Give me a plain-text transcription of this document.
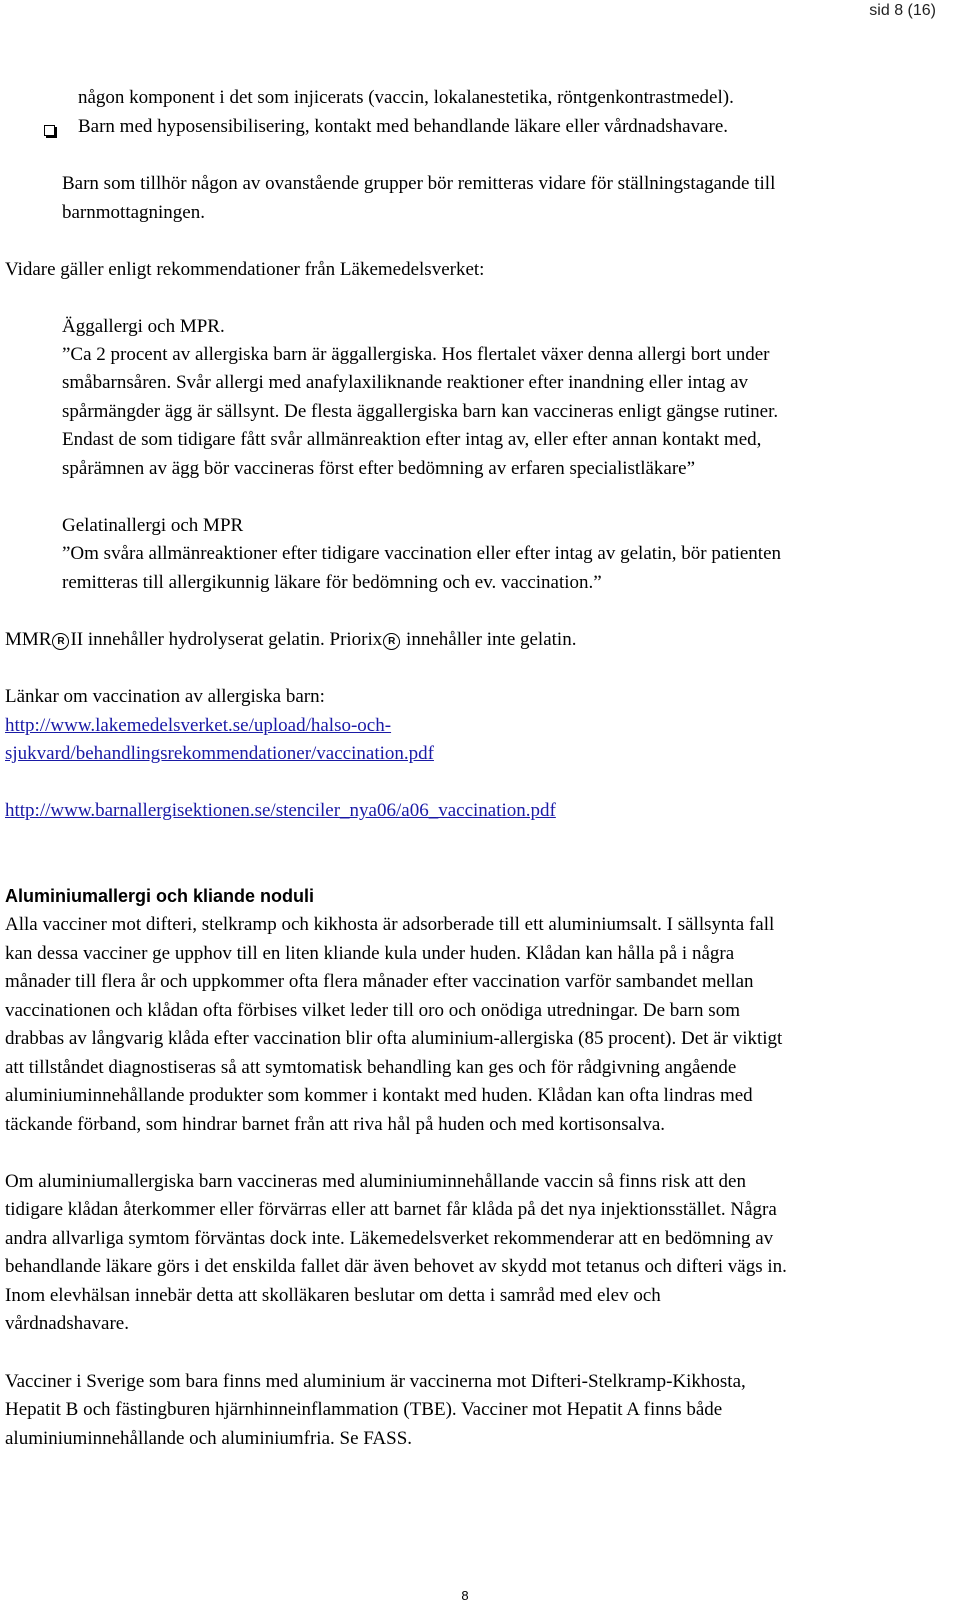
sid 8 (16)
någon komponent i det som injicerats (vaccin, lokalanestetika, röntgenkontrastmedel).
Barn med hyposensibilisering, kontakt med behandlande läkare eller vårdnadshavare.
Barn som tillhör någon av ovanstående grupper bör remitteras vidare för ställningstagande till
barnmottagningen.
Vidare gäller enligt rekommendationer från Läkemedelsverket:
Äggallergi och MPR.
”Ca 2 procent av allergiska barn är äggallergiska. Hos flertalet växer denna allergi bort under
småbarnsåren. Svår allergi med anafylaxiliknande reaktioner efter inandning eller intag av
spårmängder ägg är sällsynt. De flesta äggallergiska barn kan vaccineras enligt gängse rutiner.
Endast de som tidigare fått svår allmänreaktion efter intag av, eller efter annan kontakt med,
spårämnen av ägg bör vaccineras först efter bedömning av erfaren specialistläkare”
Gelatinallergi och MPR
”Om svåra allmänreaktioner efter tidigare vaccination eller efter intag av gelatin, bör patienten
remitteras till allergikunnig läkare för bedömning och ev. vaccination.”
MMR R II innehåller hydrolyserat gelatin. Priorix R innehåller inte gelatin.
Länkar om vaccination av allergiska barn:
http://www.lakemedelsverket.se/upload/halso-och-
sjukvard/behandlingsrekommendationer/vaccination.pdf
http://www.barnallergisektionen.se/stenciler_nya06/a06_vaccination.pdf
Aluminiumallergi och kliande noduli
Alla vacciner mot difteri, stelkramp och kikhosta är adsorberade till ett aluminiumsalt. I sällsynta fall
kan dessa vacciner ge upphov till en liten kliande kula under huden. Klådan kan hålla på i några
månader till flera år och uppkommer ofta flera månader efter vaccination varför sambandet mellan
vaccinationen och klådan ofta förbises vilket leder till oro och onödiga utredningar. De barn som
drabbas av långvarig klåda efter vaccination blir ofta aluminium-allergiska (85 procent). Det är viktigt
att tillståndet diagnostiseras så att symtomatisk behandling kan ges och för rådgivning angående
aluminiuminnehållande produkter som kommer i kontakt med huden. Klådan kan ofta lindras med
täckande förband, som hindrar barnet från att riva hål på huden och med kortisonsalva.
Om aluminiumallergiska barn vaccineras med aluminiuminnehållande vaccin så finns risk att den
tidigare klådan återkommer eller förvärras eller att barnet får klåda på det nya injektionsstället. Några
andra allvarliga symtom förväntas dock inte. Läkemedelsverket rekommenderar att en bedömning av
behandlande läkare görs i det enskilda fallet där även behovet av skydd mot tetanus och difteri vägs in.
Inom elevhälsan innebär detta att skolläkaren beslutar om detta i samråd med elev och
vårdnadshavare.
Vacciner i Sverige som bara finns med aluminium är vaccinerna mot Difteri-Stelkramp-Kikhosta,
Hepatit B och fästingburen hjärnhinneinflammation (TBE). Vacciner mot Hepatit A finns både
aluminiuminnehållande och aluminiumfria. Se FASS.
8
